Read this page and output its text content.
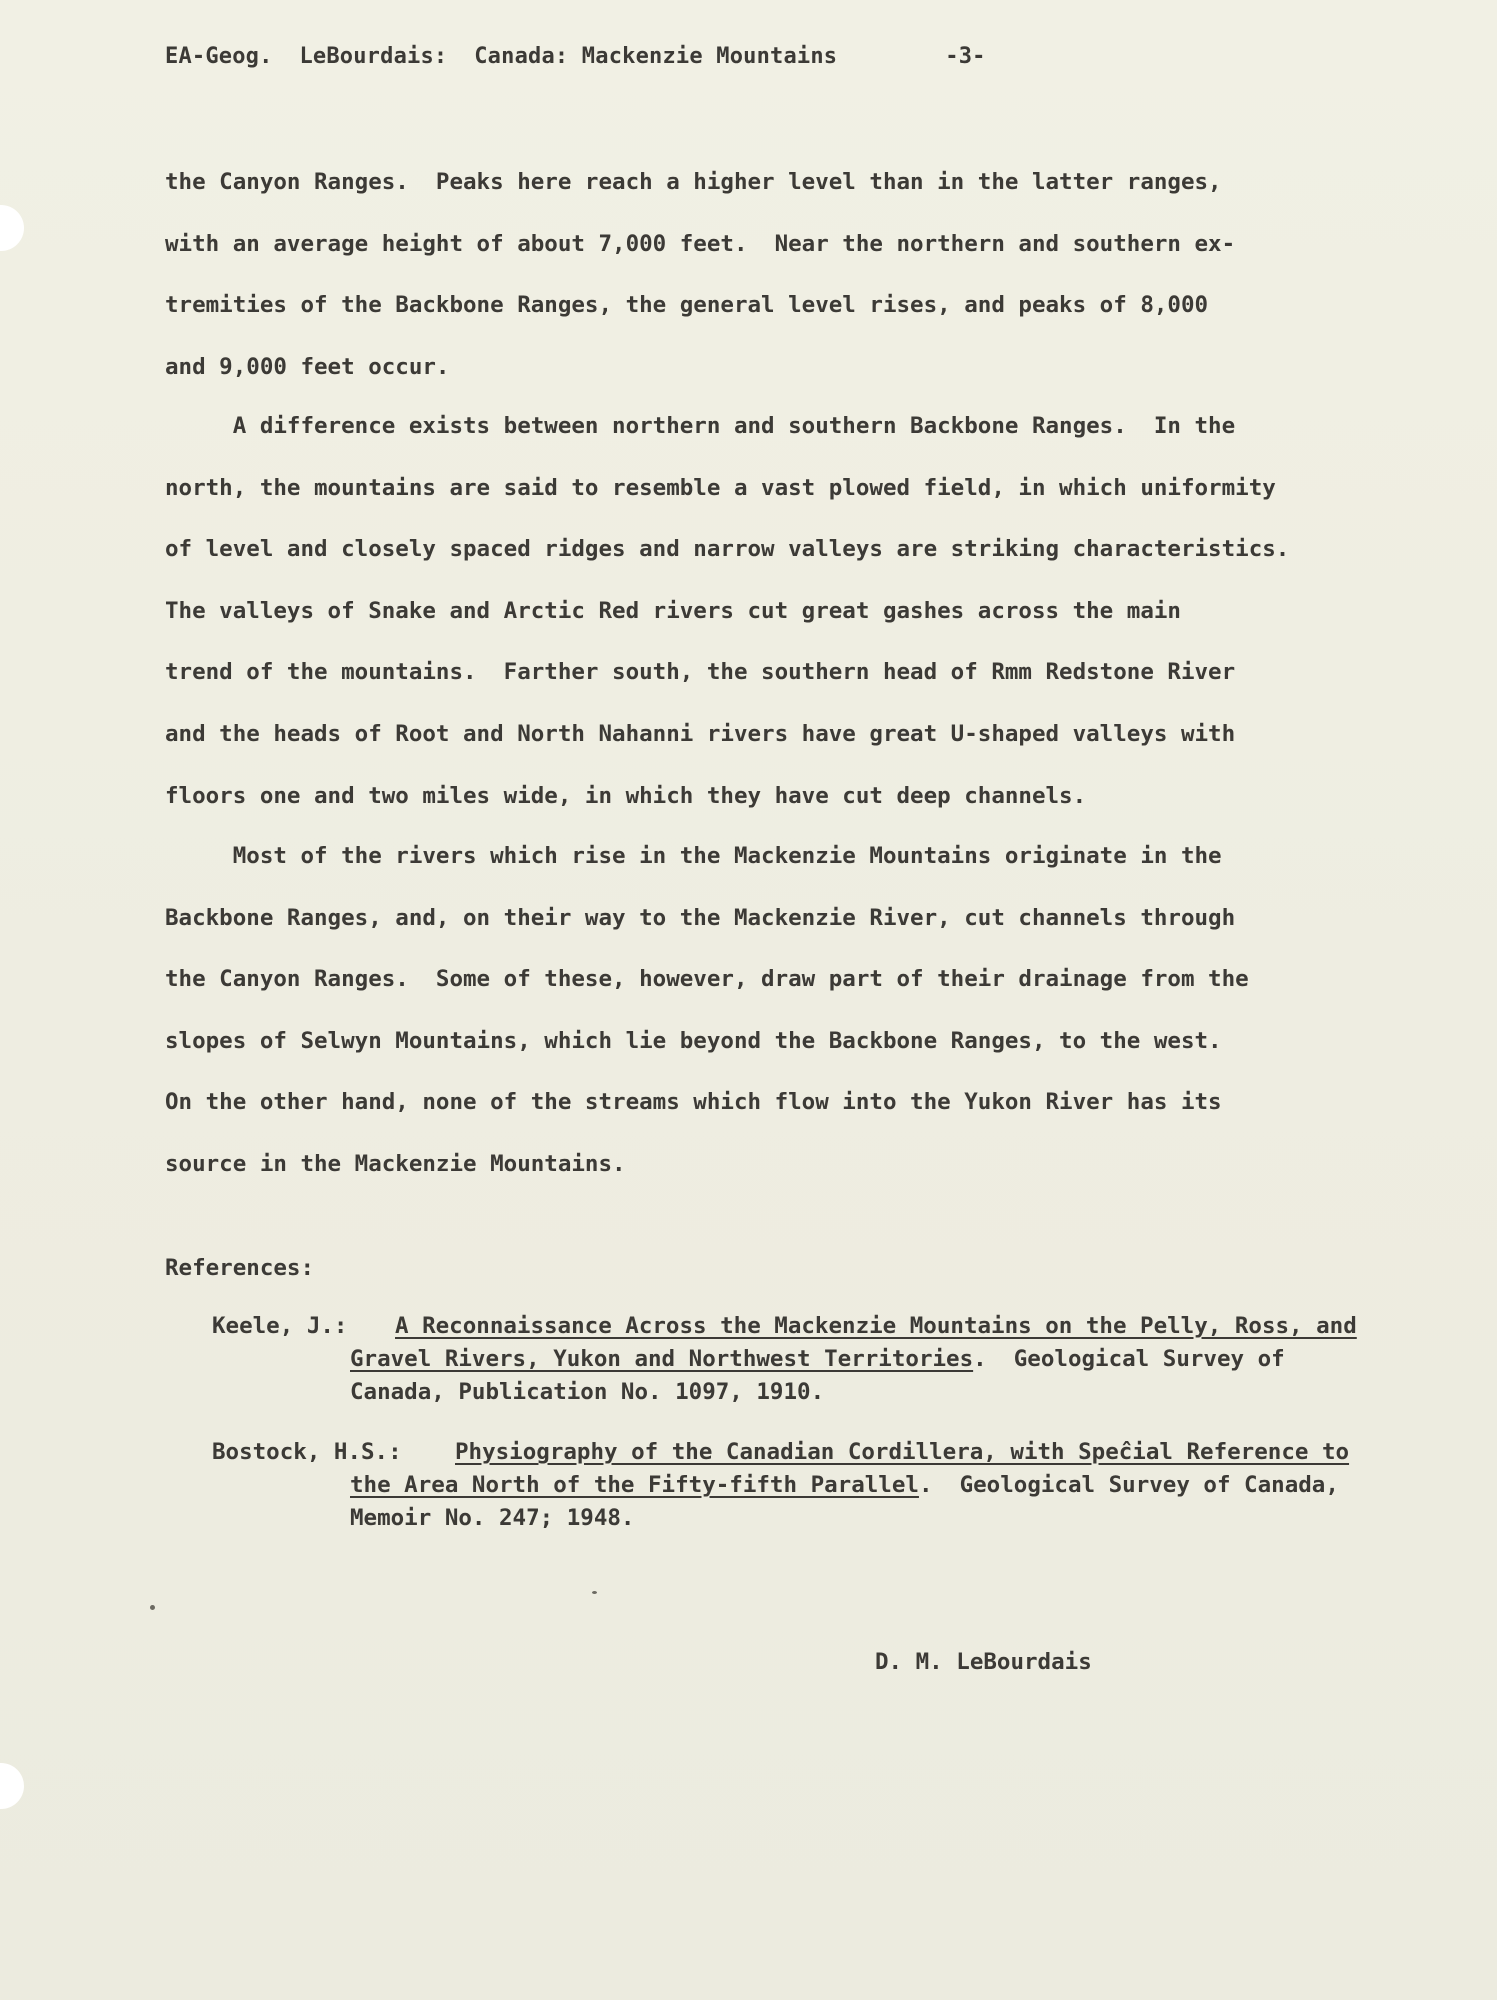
EA-Geog.  LeBourdais:  Canada: Mackenzie Mountains	-3-
the Canyon Ranges.  Peaks here reach a higher level than in the latter ranges,
with an average height of about 7,000 feet.  Near the northern and southern ex-
tremities of the Backbone Ranges, the general level rises, and peaks of 8,000
and 9,000 feet occur.
A difference exists between northern and southern Backbone Ranges.  In the
north, the mountains are said to resemble a vast plowed field, in which uniformity
of level and closely spaced ridges and narrow valleys are striking characteristics.
The valleys of Snake and Arctic Red rivers cut great gashes across the main
trend of the mountains.  Farther south, the southern head of Rmm Redstone River
and the heads of Root and North Nahanni rivers have great U-shaped valleys with
floors one and two miles wide, in which they have cut deep channels.
Most of the rivers which rise in the Mackenzie Mountains originate in the
Backbone Ranges, and, on their way to the Mackenzie River, cut channels through
the Canyon Ranges.  Some of these, however, draw part of their drainage from the
slopes of Selwyn Mountains, which lie beyond the Backbone Ranges, to the west.
On the other hand, none of the streams which flow into the Yukon River has its
source in the Mackenzie Mountains.
References:

Keele, J.:

A Reconnaissance Across the Mackenzie Mountains on the Pelly, Ross, and

Gravel Rivers, Yukon and Northwest Territories.  Geological Survey of

Canada, Publication No. 1097, 1910.

Bostock, H.S.:

Physiography of the Canadian Cordillera, with Speĉial Reference to

the Area North of the Fifty-fifth Parallel.  Geological Survey of Canada,

Memoir No. 247; 1948.

D. M. LeBourdais
